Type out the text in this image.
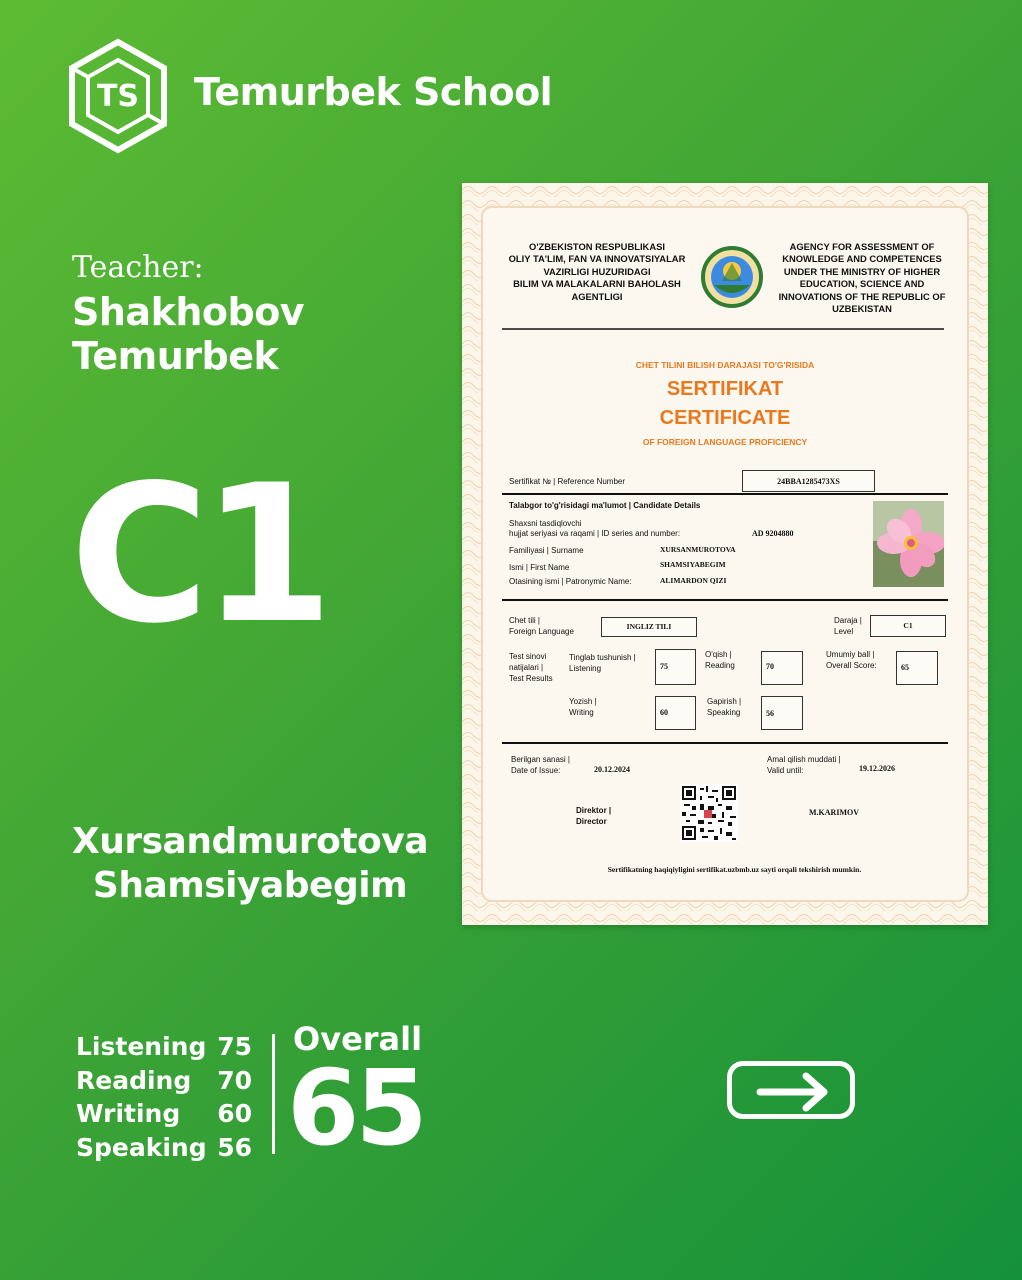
TS Temurbek School
Teacher:
Shakhobov
Temurbek
C1
Xursandmurotova
Shamsiyabegim
Listening 75
Reading	70
Writing	60
Speaking 56
Overall
65
O'ZBEKISTON RESPUBLIKASI
OLIY TA'LIM, FAN VA INNOVATSIYALAR
VAZIRLIGI HUZURIDAGI
BILIM VA MALAKALARNI BAHOLASH
AGENTLIGI
AGENCY FOR ASSESSMENT OF
KNOWLEDGE AND COMPETENCES
UNDER THE MINISTRY OF HIGHER
EDUCATION, SCIENCE AND
INNOVATIONS OF THE REPUBLIC OF
UZBEKISTAN
CHET TILINI BILISH DARAJASI TO'G'RISIDA
SERTIFIKAT
CERTIFICATE
OF FOREIGN LANGUAGE PROFICIENCY
Sertifikat № | Reference Number	24BBA1285473XS
Talabgor to'g'risidagi ma'lumot | Candidate Details
Shaxsni tasdiqlovchi
hujjat seriyasi va raqami | ID series and number:	AD 9204880
Familiyasi | Surname	XURSANMUROTOVA
Ismi | First Name	SHAMSIYABEGIM
Otasining ismi | Patronymic Name:	ALIMARDON QIZI
Chet tili |
Foreign Language
INGLIZ TILI
Daraja |
Level
C1
Test sinovi
natijalari |
Test Results
Tinglab tushunish |
Listening	75
O'qish |
Reading	70
Umumiy ball |
Overall Score:	65
Yozish |
Writing	60
Gapirish |
Speaking	56
Berilgan sanasi |
Date of Issue:	20.12.2024
Amal qilish muddati |
Valid until:	19.12.2026
Direktor |
Director
M.KARIMOV
Sertifikatning haqiqiyligini sertifikat.uzbmb.uz sayti orqali tekshirish mumkin.
